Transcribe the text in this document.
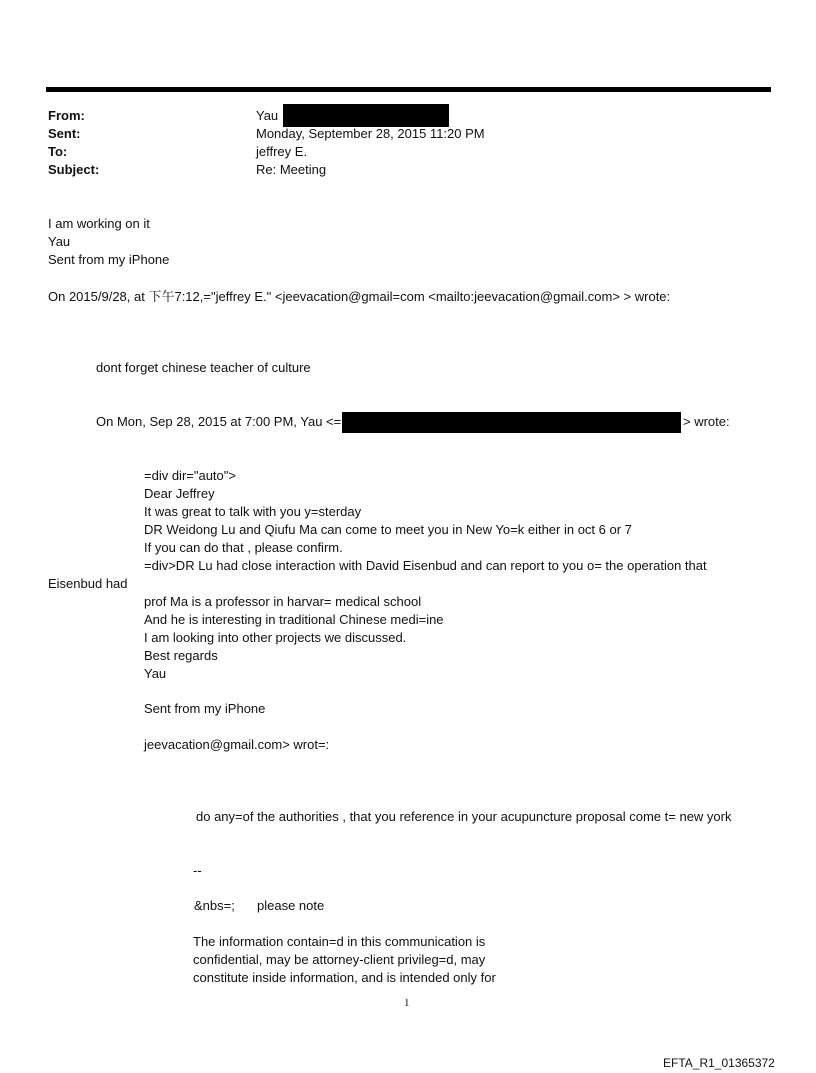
From:	Yau
Sent:	Monday, September 28, 2015 11:20 PM
To:	jeffrey E.
Subject:	Re: Meeting
I am working on it
Yau
Sent from my iPhone
On 2015/9/28, at 下午7:12,="jeffrey E." <jeevacation@gmail=com <mailto:jeevacation@gmail.com> > wrote:
dont forget chinese teacher of culture
On Mon, Sep 28, 2015 at 7:00 PM, Yau <=	> wrote:
=div dir="auto">
Dear Jeffrey
It was great to talk with you y=sterday
DR Weidong Lu and Qiufu Ma can come to meet you in New Yo=k either in oct 6 or 7
If you can do that , please confirm.
=div>DR Lu had close interaction with David Eisenbud and can report to you o= the operation that
Eisenbud had
prof Ma is a professor in harvar= medical school
And he is interesting in traditional Chinese medi=ine
I am looking into other projects we discussed.
Best regards
Yau
Sent from my iPhone
jeevacation@gmail.com> wrot=:
do any=of the authorities , that you reference in your acupuncture proposal come t= new york
--
&nbs=; please note
The information contain=d in this communication is
confidential, may be attorney-client privileg=d, may
constitute inside information, and is intended only for
1
EFTA_R1_01365372
